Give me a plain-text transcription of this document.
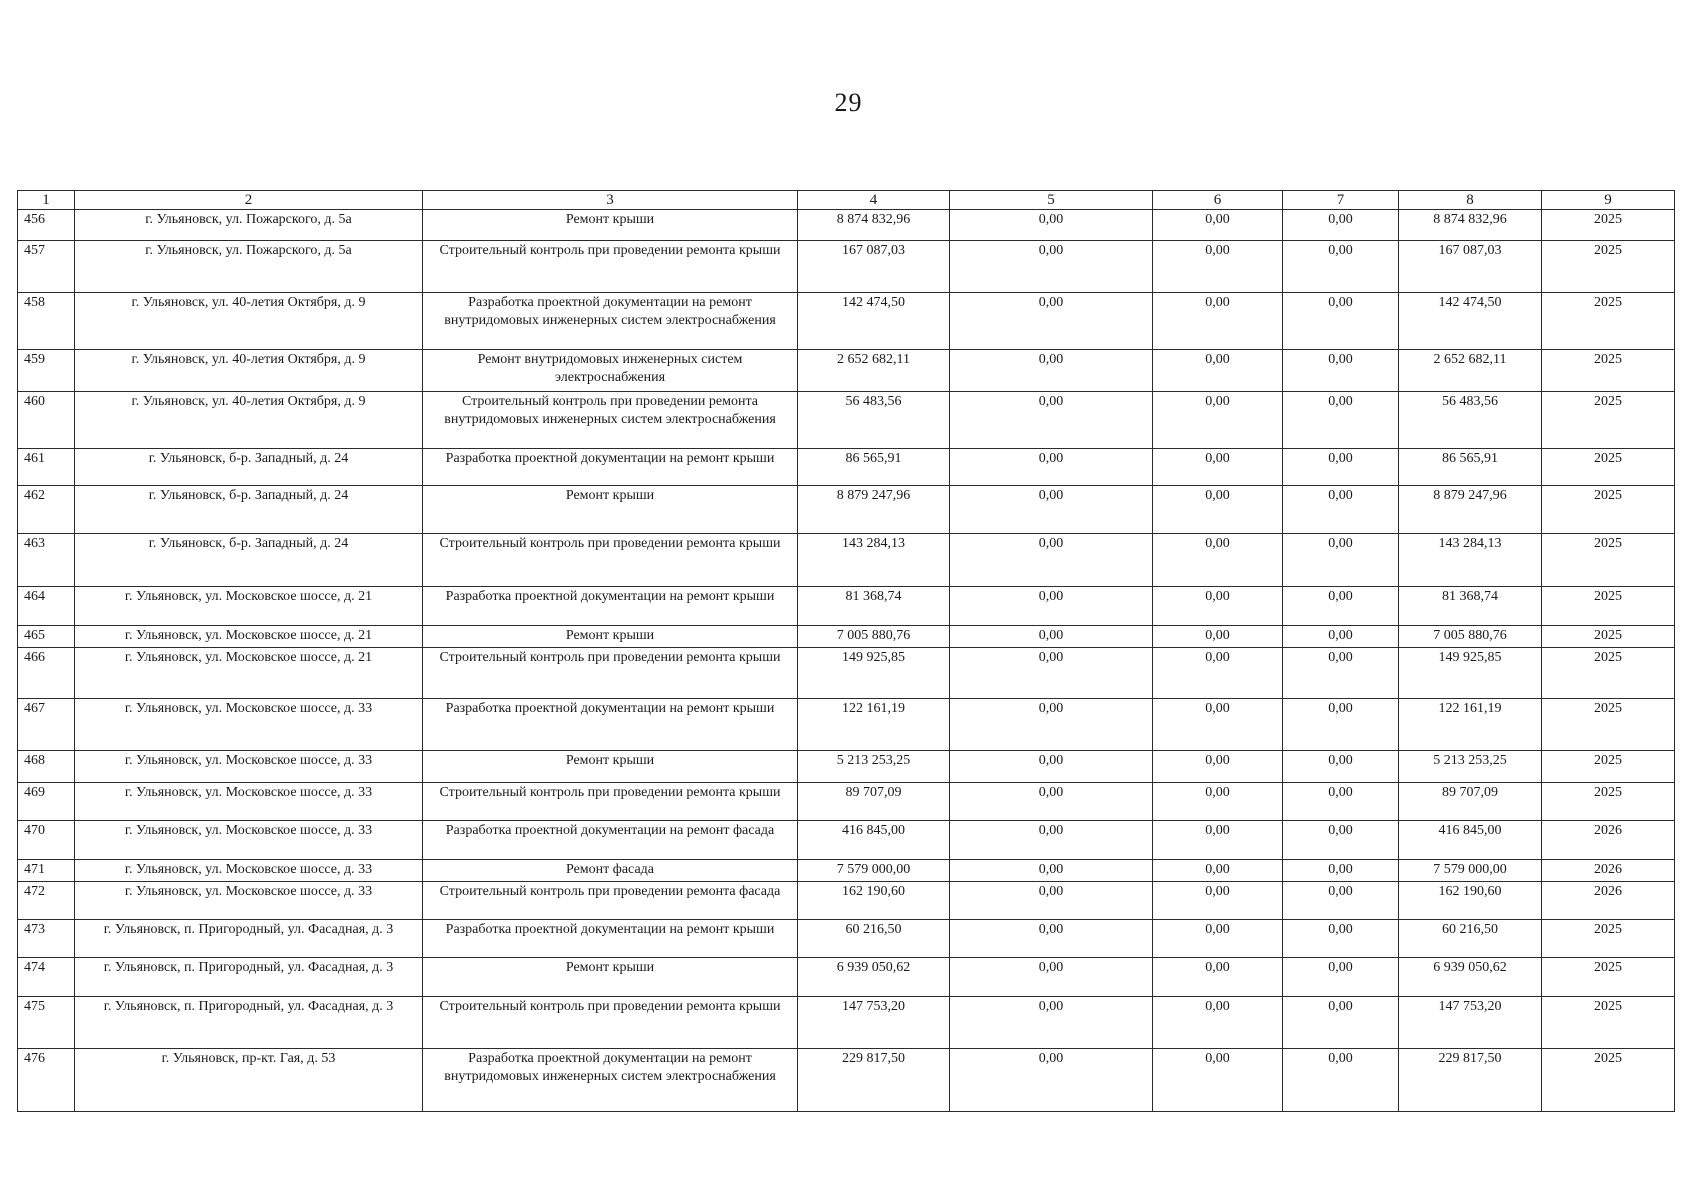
29
1	2	3	4	5	6	7	8	9
456	г. Ульяновск, ул. Пожарского, д. 5а	Ремонт крыши	8 874 832,96	0,00	0,00	0,00	8 874 832,96	2025
457	г. Ульяновск, ул. Пожарского, д. 5а	Строительный контроль при проведении ремонта крыши	167 087,03	0,00	0,00	0,00	167 087,03	2025
458	г. Ульяновск, ул. 40-летия Октября, д. 9	Разработка проектной документации на ремонт внутридомовых инженерных систем электроснабжения	142 474,50	0,00	0,00	0,00	142 474,50	2025
459	г. Ульяновск, ул. 40-летия Октября, д. 9	Ремонт внутридомовых инженерных систем электроснабжения	2 652 682,11	0,00	0,00	0,00	2 652 682,11	2025
460	г. Ульяновск, ул. 40-летия Октября, д. 9	Строительный контроль при проведении ремонта внутридомовых инженерных систем электроснабжения	56 483,56	0,00	0,00	0,00	56 483,56	2025
461	г. Ульяновск, б-р. Западный, д. 24	Разработка проектной документации на ремонт крыши	86 565,91	0,00	0,00	0,00	86 565,91	2025
462	г. Ульяновск, б-р. Западный, д. 24	Ремонт крыши	8 879 247,96	0,00	0,00	0,00	8 879 247,96	2025
463	г. Ульяновск, б-р. Западный, д. 24	Строительный контроль при проведении ремонта крыши	143 284,13	0,00	0,00	0,00	143 284,13	2025
464	г. Ульяновск, ул. Московское шоссе, д. 21	Разработка проектной документации на ремонт крыши	81 368,74	0,00	0,00	0,00	81 368,74	2025
465	г. Ульяновск, ул. Московское шоссе, д. 21	Ремонт крыши	7 005 880,76	0,00	0,00	0,00	7 005 880,76	2025
466	г. Ульяновск, ул. Московское шоссе, д. 21	Строительный контроль при проведении ремонта крыши	149 925,85	0,00	0,00	0,00	149 925,85	2025
467	г. Ульяновск, ул. Московское шоссе, д. 33	Разработка проектной документации на ремонт крыши	122 161,19	0,00	0,00	0,00	122 161,19	2025
468	г. Ульяновск, ул. Московское шоссе, д. 33	Ремонт крыши	5 213 253,25	0,00	0,00	0,00	5 213 253,25	2025
469	г. Ульяновск, ул. Московское шоссе, д. 33	Строительный контроль при проведении ремонта крыши	89 707,09	0,00	0,00	0,00	89 707,09	2025
470	г. Ульяновск, ул. Московское шоссе, д. 33	Разработка проектной документации на ремонт фасада	416 845,00	0,00	0,00	0,00	416 845,00	2026
471	г. Ульяновск, ул. Московское шоссе, д. 33	Ремонт фасада	7 579 000,00	0,00	0,00	0,00	7 579 000,00	2026
472	г. Ульяновск, ул. Московское шоссе, д. 33	Строительный контроль при проведении ремонта фасада	162 190,60	0,00	0,00	0,00	162 190,60	2026
473	г. Ульяновск, п. Пригородный, ул. Фасадная, д. 3	Разработка проектной документации на ремонт крыши	60 216,50	0,00	0,00	0,00	60 216,50	2025
474	г. Ульяновск, п. Пригородный, ул. Фасадная, д. 3	Ремонт крыши	6 939 050,62	0,00	0,00	0,00	6 939 050,62	2025
475	г. Ульяновск, п. Пригородный, ул. Фасадная, д. 3	Строительный контроль при проведении ремонта крыши	147 753,20	0,00	0,00	0,00	147 753,20	2025
476	г. Ульяновск, пр-кт. Гая, д. 53	Разработка проектной документации на ремонт внутридомовых инженерных систем электроснабжения	229 817,50	0,00	0,00	0,00	229 817,50	2025
